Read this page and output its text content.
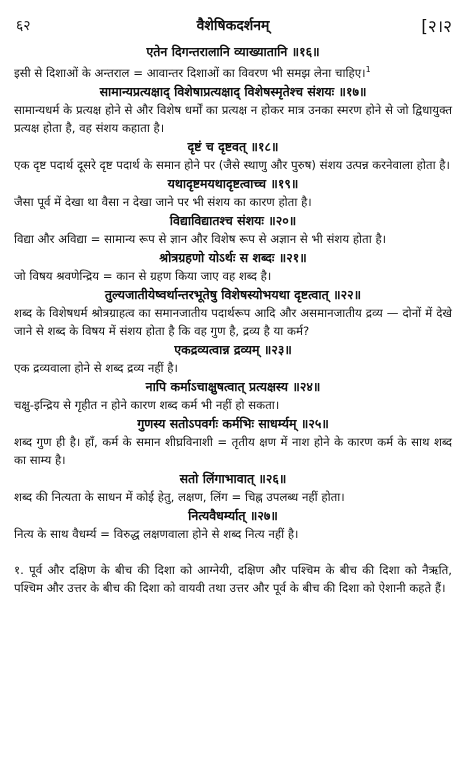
६२	वैशेषिकदर्शनम्	[२।२

एतेन दिगन्तरालानि व्याख्यातानि ॥१६॥

इसी से दिशाओं के अन्तराल = आवान्तर दिशाओं का विवरण भी समझ लेना चाहिए।$^1$

सामान्यप्रत्यक्षाद् विशेषाप्रत्यक्षाद् विशेषस्मृतेश्च संशयः ॥१७॥

सामान्यधर्म के प्रत्यक्ष होने से और विशेष धर्मों का प्रत्यक्ष न होकर मात्र उनका स्मरण होने से जो द्विधायुक्त प्रत्यक्ष होता है, वह संशय कहाता है।

दृष्टं च दृष्टवत् ॥१८॥

एक दृष्ट पदार्थ दूसरे दृष्ट पदार्थ के समान होने पर (जैसे स्थाणु और पुरुष) संशय उत्पन्न करनेवाला होता है।

यथादृष्टमयथादृष्टत्वाच्च ॥१९॥

जैसा पूर्व में देखा था वैसा न देखा जाने पर भी संशय का कारण होता है।

विद्याविद्यातश्च संशयः ॥२०॥

विद्या और अविद्या = सामान्य रूप से ज्ञान और विशेष रूप से अज्ञान से भी संशय होता है।

श्रोत्रग्रहणो योऽर्थः स शब्दः ॥२१॥

जो विषय श्रवणेन्द्रिय = कान से ग्रहण किया जाए वह शब्द है।

तुल्यजातीयेष्वर्थान्तरभूतेषु विशेषस्योभयथा दृष्टत्वात् ॥२२॥

शब्द के विशेषधर्म श्रोत्रग्राहत्व का समानजातीय पदार्थरूप आदि और असमानजातीय द्रव्य — दोनों में देखे जाने से शब्द के विषय में संशय होता है कि वह गुण है, द्रव्य है या कर्म?

एकद्रव्यत्वान्न द्रव्यम् ॥२३॥

एक द्रव्यवाला होने से शब्द द्रव्य नहीं है।

नापि कर्माऽचाक्षुषत्वात् प्रत्यक्षस्य ॥२४॥

चक्षु-इन्द्रिय से गृहीत न होने कारण शब्द कर्म भी नहीं हो सकता।

गुणस्य सतोऽपवर्गः कर्मभिः साधर्म्यम् ॥२५॥

शब्द गुण ही है। हाँ, कर्म के समान शीघ्रविनाशी = तृतीय क्षण में नाश होने के कारण कर्म के साथ शब्द का साम्य है।

सतो लिंगाभावात् ॥२६॥

शब्द की नित्यता के साधन में कोई हेतु, लक्षण, लिंग = चिह्न उपलब्ध नहीं होता।

नित्यवैधर्म्यात् ॥२७॥

नित्य के साथ वैधर्म्य = विरुद्ध लक्षणवाला होने से शब्द नित्य नहीं है।

१. पूर्व और दक्षिण के बीच की दिशा को आग्नेयी, दक्षिण और पश्चिम के बीच की दिशा को नैऋति, पश्चिम और उत्तर के बीच की दिशा को वायवी तथा उत्तर और पूर्व के बीच की दिशा को ऐशानी कहते हैं।
